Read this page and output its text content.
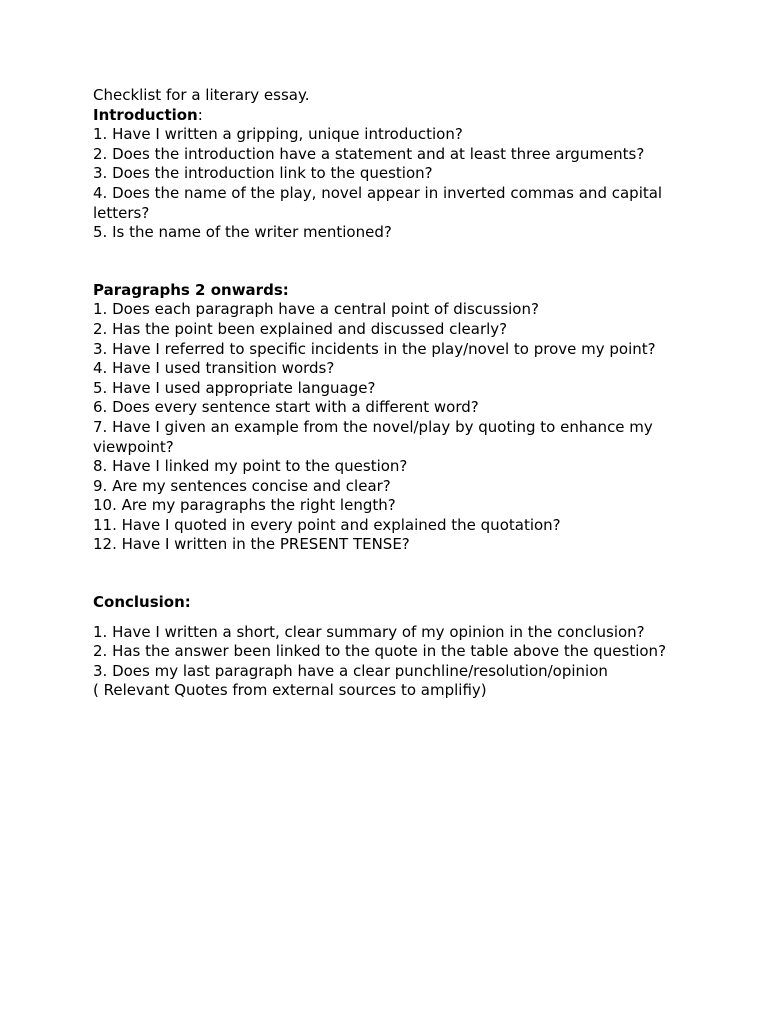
Checklist for a literary essay.

Introduction:

1. Have I written a gripping, unique introduction?
2. Does the introduction have a statement and at least three arguments?
3. Does the introduction link to the question?
4. Does the name of the play, novel appear in inverted commas and capital letters?
5. Is the name of the writer mentioned?

Paragraphs 2 onwards:

1. Does each paragraph have a central point of discussion?
2. Has the point been explained and discussed clearly?
3. Have I referred to specific incidents in the play/novel to prove my point?
4. Have I used transition words?
5. Have I used appropriate language?
6. Does every sentence start with a different word?
7. Have I given an example from the novel/play by quoting to enhance my viewpoint?
8. Have I linked my point to the question?
9. Are my sentences concise and clear?
10. Are my paragraphs the right length?
11. Have I quoted in every point and explained the quotation?
12. Have I written in the PRESENT TENSE?

Conclusion:

1. Have I written a short, clear summary of my opinion in the conclusion?
2. Has the answer been linked to the quote in the table above the question?
3. Does my last paragraph have a clear punchline/resolution/opinion

( Relevant Quotes from external sources to amplifiy)
